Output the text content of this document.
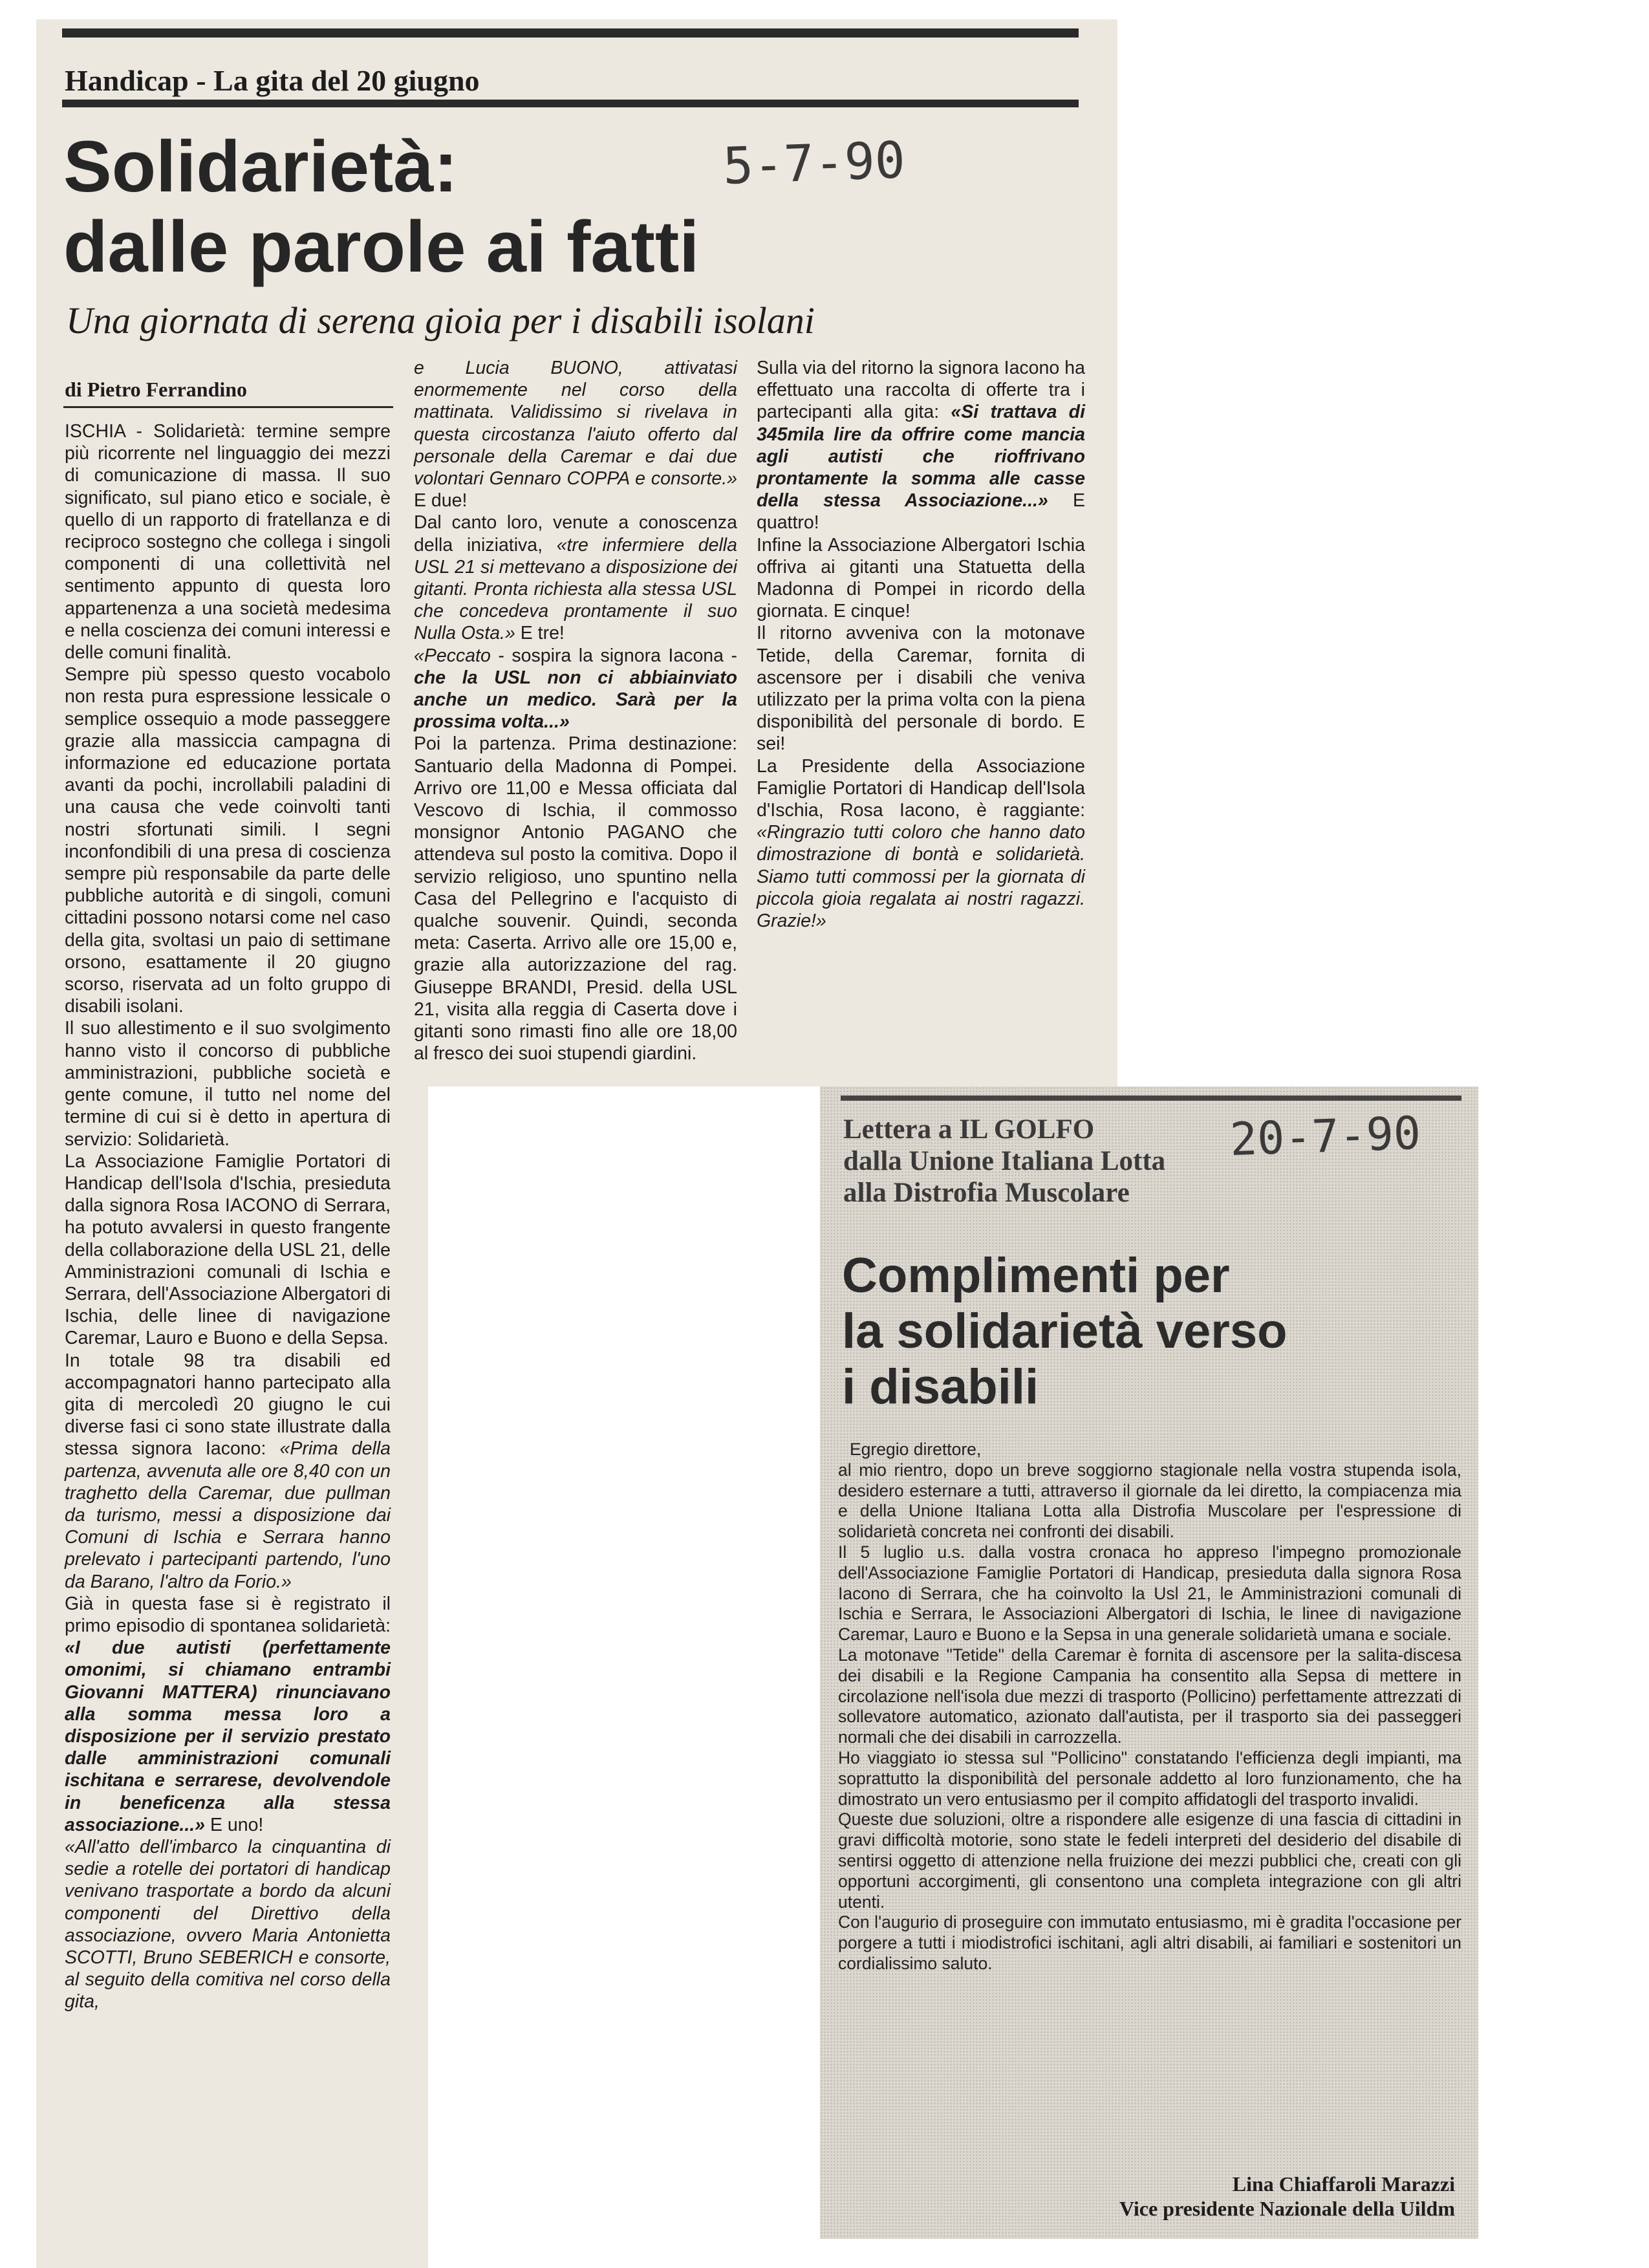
Handicap - La gita del 20 giugno
Solidarietà:
dalle parole ai fatti
5-7-90
Una giornata di serena gioia per i disabili isolani
di Pietro Ferrandino

ISCHIA - Solidarietà: termine sempre più ricorrente nel linguaggio dei mezzi di comunicazione di massa. Il suo significato, sul piano etico e sociale, è quello di un rapporto di fratellanza e di reciproco sostegno che collega i singoli componenti di una collettività nel sentimento appunto di questa loro appartenenza a una società medesima e nella coscienza dei comuni interessi e delle comuni finalità.

Sempre più spesso questo vocabolo non resta pura espressione lessicale o semplice ossequio a mode passeggere grazie alla massiccia campagna di informazione ed educazione portata avanti da pochi, incrollabili paladini di una causa che vede coinvolti tanti nostri sfortunati simili. I segni inconfondibili di una presa di coscienza sempre più responsabile da parte delle pubbliche autorità e di singoli, comuni cittadini possono notarsi come nel caso della gita, svoltasi un paio di settimane orsono, esattamente il 20 giugno scorso, riservata ad un folto gruppo di disabili isolani.

Il suo allestimento e il suo svolgimento hanno visto il concorso di pubbliche amministrazioni, pubbliche società e gente comune, il tutto nel nome del termine di cui si è detto in apertura di servizio: Solidarietà.

La Associazione Famiglie Portatori di Handicap dell'Isola d'Ischia, presieduta dalla signora Rosa IACONO di Serrara, ha potuto avvalersi in questo frangente della collaborazione della USL 21, delle Amministrazioni comunali di Ischia e Serrara, dell'Associazione Albergatori di Ischia, delle linee di navigazione Caremar, Lauro e Buono e della Sepsa.

In totale 98 tra disabili ed accompagnatori hanno partecipato alla gita di mercoledì 20 giugno le cui diverse fasi ci sono state illustrate dalla stessa signora Iacono: «Prima della partenza, avvenuta alle ore 8,40 con un traghetto della Caremar, due pullman da turismo, messi a disposizione dai Comuni di Ischia e Serrara hanno prelevato i partecipanti partendo, l'uno da Barano, l'altro da Forio.»

Già in questa fase si è registrato il primo episodio di spontanea solidarietà: «I due autisti (perfettamente omonimi, si chiamano entrambi Giovanni MATTERA) rinunciavano alla somma messa loro a disposizione per il servizio prestato dalle amministrazioni comunali ischitana e serrarese, devolvendole in beneficenza alla stessa associazione...» E uno!

«All'atto dell'imbarco la cinquantina di sedie a rotelle dei portatori di handicap venivano trasportate a bordo da alcuni componenti del Direttivo della associazione, ovvero Maria Antonietta SCOTTI, Bruno SEBERICH e consorte, al seguito della comitiva nel corso della gita,

e Lucia BUONO, attivatasi enormemente nel corso della mattinata. Validissimo si rivelava in questa circostanza l'aiuto offerto dal personale della Caremar e dai due volontari Gennaro COPPA e consorte.» E due!

Dal canto loro, venute a conoscenza della iniziativa, «tre infermiere della USL 21 si mettevano a disposizione dei gitanti. Pronta richiesta alla stessa USL che concedeva prontamente il suo Nulla Osta.» E tre!

«Peccato - sospira la signora Iacona - che la USL non ci abbiainviato anche un medico. Sarà per la prossima volta...»

Poi la partenza. Prima destinazione: Santuario della Madonna di Pompei. Arrivo ore 11,00 e Messa officiata dal Vescovo di Ischia, il commosso monsignor Antonio PAGANO che attendeva sul posto la comitiva. Dopo il servizio religioso, uno spuntino nella Casa del Pellegrino e l'acquisto di qualche souvenir. Quindi, seconda meta: Caserta. Arrivo alle ore 15,00 e, grazie alla autorizzazione del rag. Giuseppe BRANDI, Presid. della USL 21, visita alla reggia di Caserta dove i gitanti sono rimasti fino alle ore 18,00 al fresco dei suoi stupendi giardini.

Sulla via del ritorno la signora Iacono ha effettuato una raccolta di offerte tra i partecipanti alla gita: «Si trattava di 345mila lire da offrire come mancia agli autisti che rioffrivano prontamente la somma alle casse della stessa Associazione...» E quattro!

Infine la Associazione Albergatori Ischia offriva ai gitanti una Statuetta della Madonna di Pompei in ricordo della giornata. E cinque!

Il ritorno avveniva con la motonave Tetide, della Caremar, fornita di ascensore per i disabili che veniva utilizzato per la prima volta con la piena disponibilità del personale di bordo. E sei!

La Presidente della Associazione Famiglie Portatori di Handicap dell'Isola d'Ischia, Rosa Iacono, è raggiante: «Ringrazio tutti coloro che hanno dato dimostrazione di bontà e solidarietà. Siamo tutti commossi per la giornata di piccola gioia regalata ai nostri ragazzi. Grazie!»

Lettera a IL GOLFO
dalla Unione Italiana Lotta
alla Distrofia Muscolare
20-7-90
Complimenti per
la solidarietà verso
i disabili

Egregio direttore,

al mio rientro, dopo un breve soggiorno stagionale nella vostra stupenda isola, desidero esternare a tutti, attraverso il giornale da lei diretto, la compiacenza mia e della Unione Italiana Lotta alla Distrofia Muscolare per l'espressione di solidarietà concreta nei confronti dei disabili.

Il 5 luglio u.s. dalla vostra cronaca ho appreso l'impegno promozionale dell'Associazione Famiglie Portatori di Handicap, presieduta dalla signora Rosa Iacono di Serrara, che ha coinvolto la Usl 21, le Amministrazioni comunali di Ischia e Serrara, le Associazioni Albergatori di Ischia, le linee di navigazione Caremar, Lauro e Buono e la Sepsa in una generale solidarietà umana e sociale.

La motonave "Tetide" della Caremar è fornita di ascensore per la salita-discesa dei disabili e la Regione Campania ha consentito alla Sepsa di mettere in circolazione nell'isola due mezzi di trasporto (Pollicino) perfettamente attrezzati di sollevatore automatico, azionato dall'autista, per il trasporto sia dei passeggeri normali che dei disabili in carrozzella.

Ho viaggiato io stessa sul "Pollicino" constatando l'efficienza degli impianti, ma soprattutto la disponibilità del personale addetto al loro funzionamento, che ha dimostrato un vero entusiasmo per il compito affidatogli del trasporto invalidi.

Queste due soluzioni, oltre a rispondere alle esigenze di una fascia di cittadini in gravi difficoltà motorie, sono state le fedeli interpreti del desiderio del disabile di sentirsi oggetto di attenzione nella fruizione dei mezzi pubblici che, creati con gli opportuni accorgimenti, gli consentono una completa integrazione con gli altri utenti.

Con l'augurio di proseguire con immutato entusiasmo, mi è gradita l'occasione per porgere a tutti i miodistrofici ischitani, agli altri disabili, ai familiari e sostenitori un cordialissimo saluto.

Lina Chiaffaroli Marazzi
Vice presidente Nazionale della Uildm
